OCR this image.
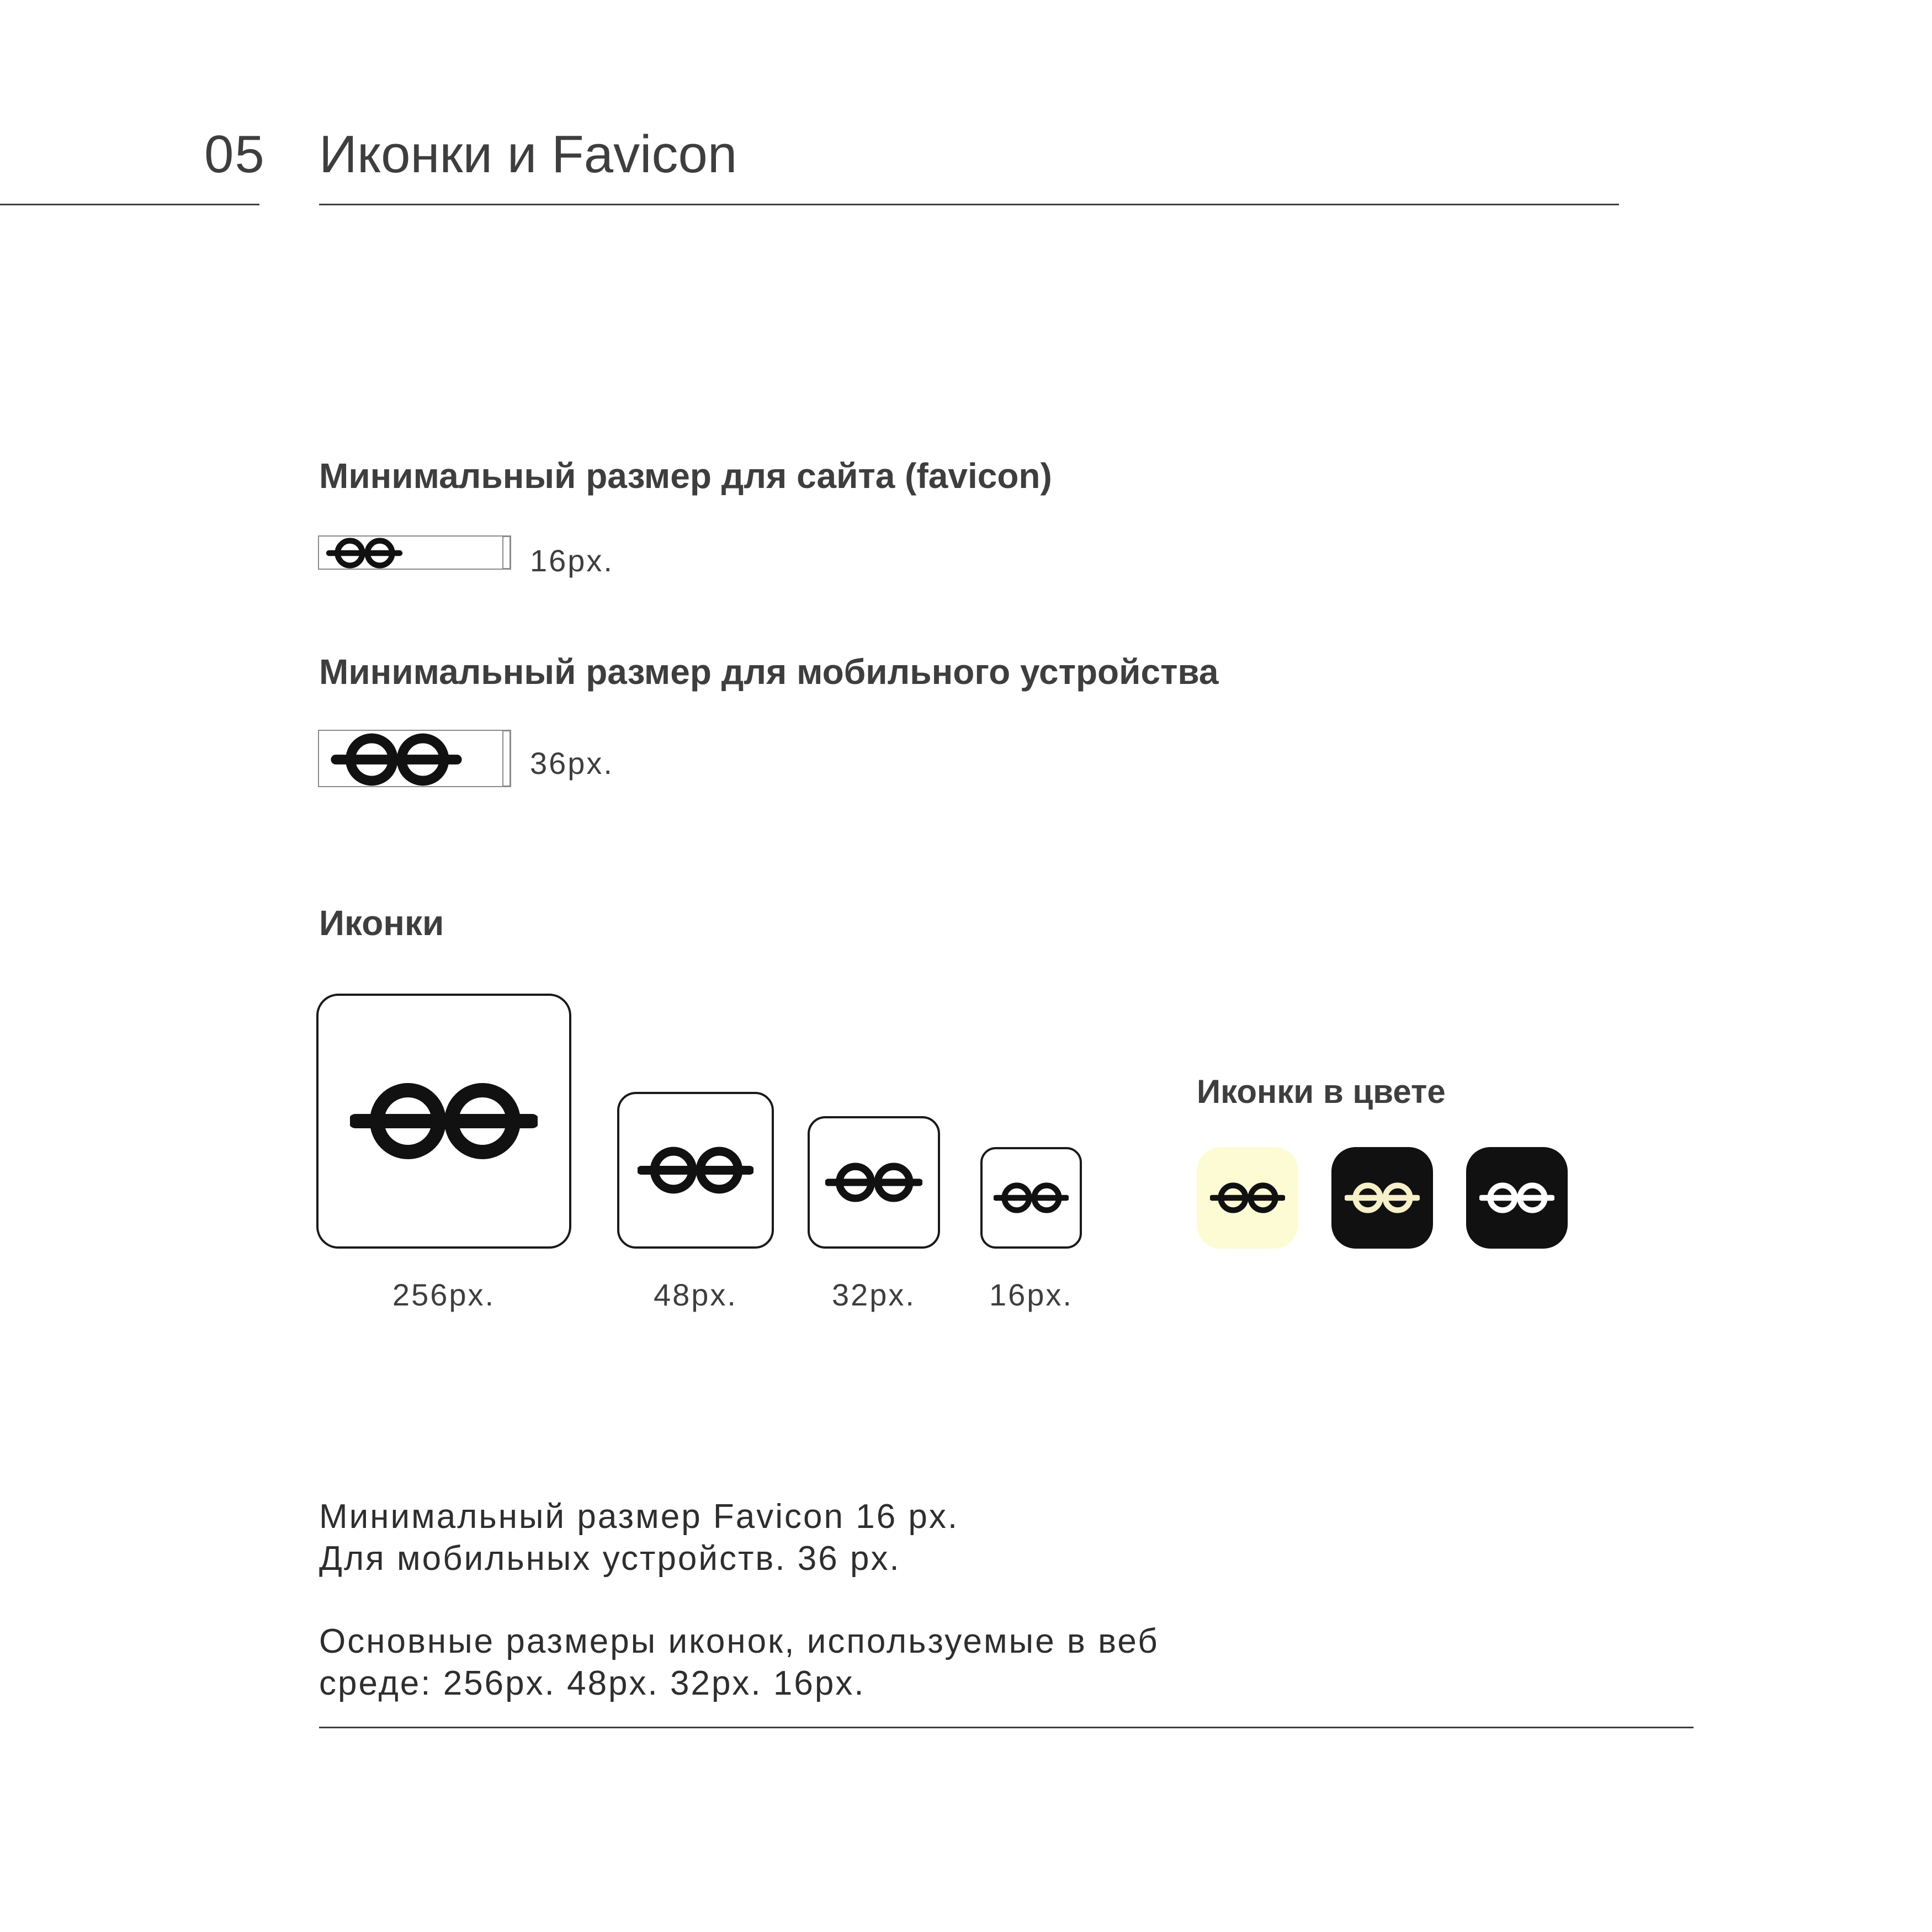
05 Иконки и Favicon
Минимальный размер для сайта (favicon)
16px.
Минимальный размер для мобильного устройства
36px.
Иконки
256px.	48px.	32px.	16px.
Иконки в цвете
Минимальный размер Favicon 16 px.
Для мобильных устройств. 36 px.
Основные размеры иконок, используемые в веб
среде: 256px. 48px. 32px. 16px.
